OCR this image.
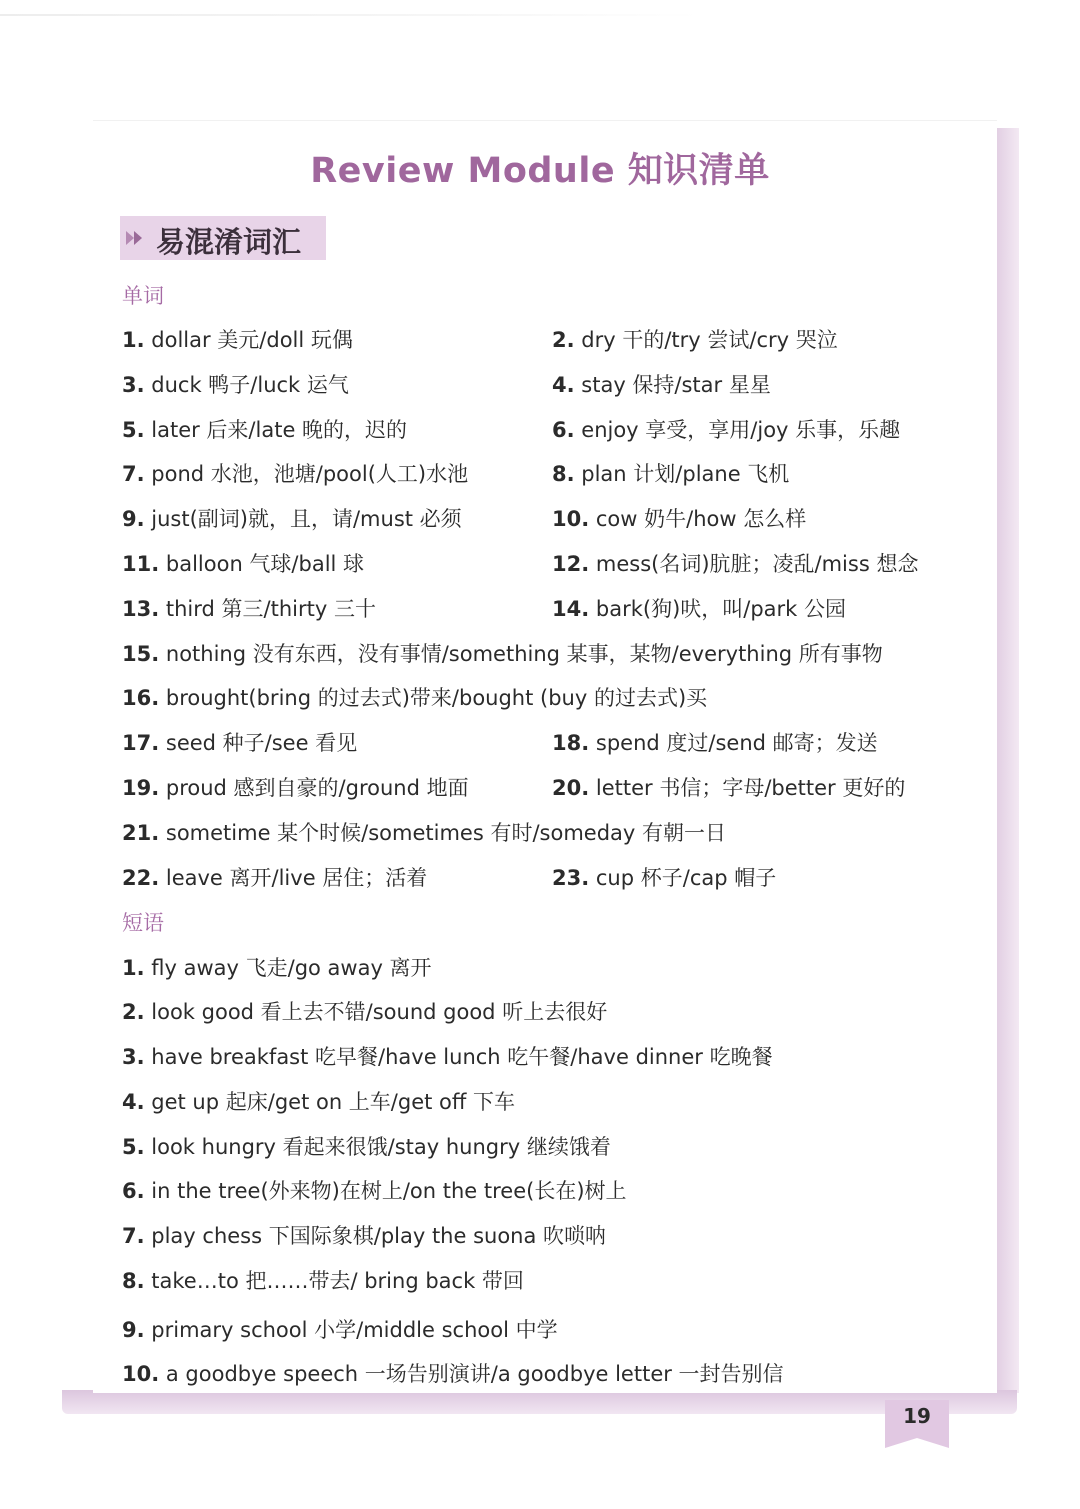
Review Module 知识清单
易混淆词汇
单词
1. dollar 美元/doll 玩偶	2. dry 干的/try 尝试/cry 哭泣
3. duck 鸭子/luck 运气	4. stay 保持/star 星星
5. later 后来/late 晚的，迟的	6. enjoy 享受，享用/joy 乐事，乐趣
7. pond 水池，池塘/pool(人工)水池	8. plan 计划/plane 飞机
9. just(副词)就，且，请/must 必须	10. cow 奶牛/how 怎么样
11. balloon 气球/ball 球	12. mess(名词)肮脏；凌乱/miss 想念
13. third 第三/thirty 三十	14. bark(狗)吠，叫/park 公园
15. nothing 没有东西，没有事情/something 某事，某物/everything 所有事物
16. brought(bring 的过去式)带来/bought (buy 的过去式)买
17. seed 种子/see 看见	18. spend 度过/send 邮寄；发送
19. proud 感到自豪的/ground 地面	20. letter 书信；字母/better 更好的
21. sometime 某个时候/sometimes 有时/someday 有朝一日
22. leave 离开/live 居住；活着	23. cup 杯子/cap 帽子
短语
1. fly away 飞走/go away 离开
2. look good 看上去不错/sound good 听上去很好
3. have breakfast 吃早餐/have lunch 吃午餐/have dinner 吃晚餐
4. get up 起床/get on 上车/get off 下车
5. look hungry 看起来很饿/stay hungry 继续饿着
6. in the tree(外来物)在树上/on the tree(长在)树上
7. play chess 下国际象棋/play the suona 吹唢呐
8. take…to 把……带去/ bring back 带回
9. primary school 小学/middle school 中学
10. a goodbye speech 一场告别演讲/a goodbye letter 一封告别信
19
